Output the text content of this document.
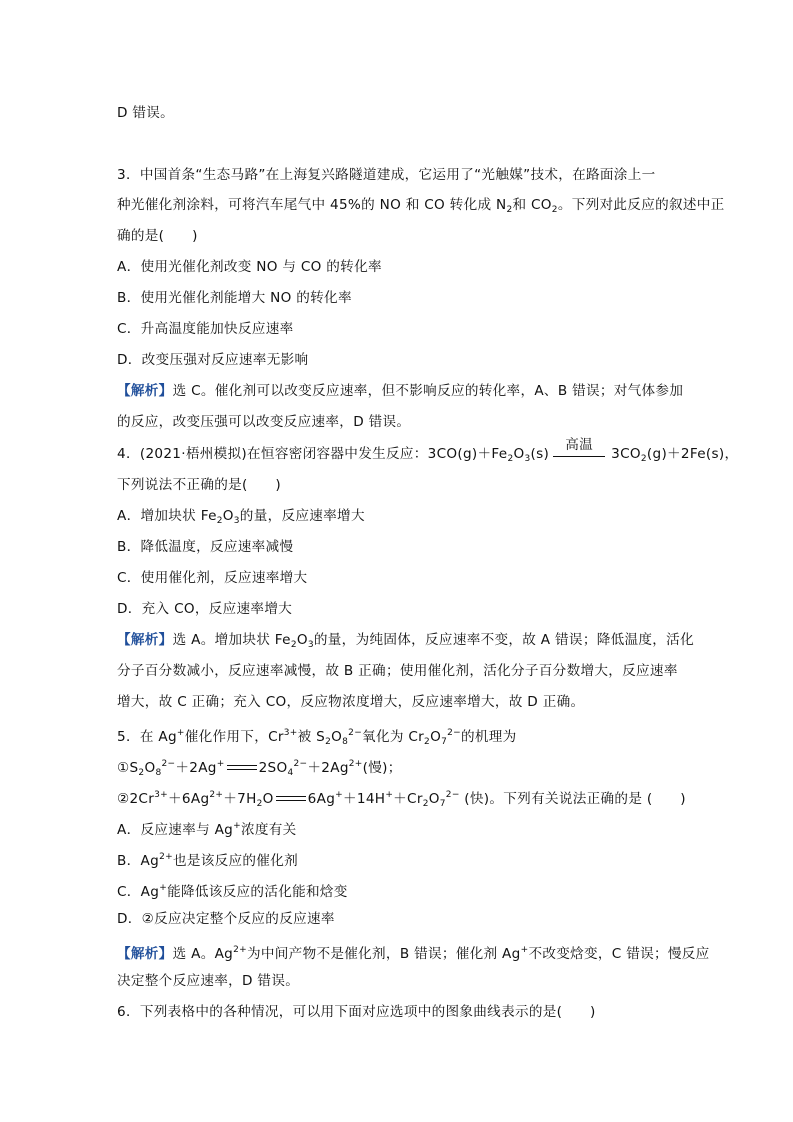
D 错误。
3．中国首条“生态马路”在上海复兴路隧道建成，它运用了“光触媒”技术，在路面涂上一
种光催化剂涂料，可将汽车尾气中 45%的 NO 和 CO 转化成 $N_2$和 $CO_2$。下列对此反应的叙述中正
确的是(　　)
A．使用光催化剂改变 NO 与 CO 的转化率
B．使用光催化剂能增大 NO 的转化率
C．升高温度能加快反应速率
D．改变压强对反应速率无影响
【解析】选 C。催化剂可以改变反应速率，但不影响反应的转化率，A、B 错误；对气体参加
的反应，改变压强可以改变反应速率，D 错误。
4．(2021·梧州模拟)在恒容密闭容器中发生反应：$3CO(g)+Fe_2O_3(s)$
高温
$3CO_2(g)+2Fe(s)$，
下列说法不正确的是(　　)
A．增加块状 $Fe_2O_3$的量，反应速率增大
B．降低温度，反应速率减慢
C．使用催化剂，反应速率增大
D．充入 CO，反应速率增大
【解析】选 A。增加块状 $Fe_2O_3$的量，为纯固体，反应速率不变，故 A 错误；降低温度，活化
分子百分数减小，反应速率减慢，故 B 正确；使用催化剂，活化分子百分数增大，反应速率
增大，故 C 正确；充入 CO，反应物浓度增大，反应速率增大，故 D 正确。
5．在 Ag+催化作用下，$Cr^{3+}$被 $S_2O_8^{2-}$氧化为 $Cr_2O_7^{2-}$的机理为
$①S_2O_8^{2-}+2Ag^+$	$2SO_4^{2-}+2Ag^{2+}$(慢)；
$②2Cr^{3+}+6Ag^{2+}+7H_2O$	$6Ag^++14H^++Cr_2O_7^{2-}$ (快)。下列有关说法正确的是 (　　)
A．反应速率与 Ag+浓度有关
B．$Ag^{2+}$也是该反应的催化剂
C．Ag+能降低该反应的活化能和焓变
D．②反应决定整个反应的反应速率
【解析】选 A。$Ag^{2+}$为中间产物不是催化剂，B 错误；催化剂 Ag+不改变焓变，C 错误；慢反应
决定整个反应速率，D 错误。
6．下列表格中的各种情况，可以用下面对应选项中的图象曲线表示的是(　　)
